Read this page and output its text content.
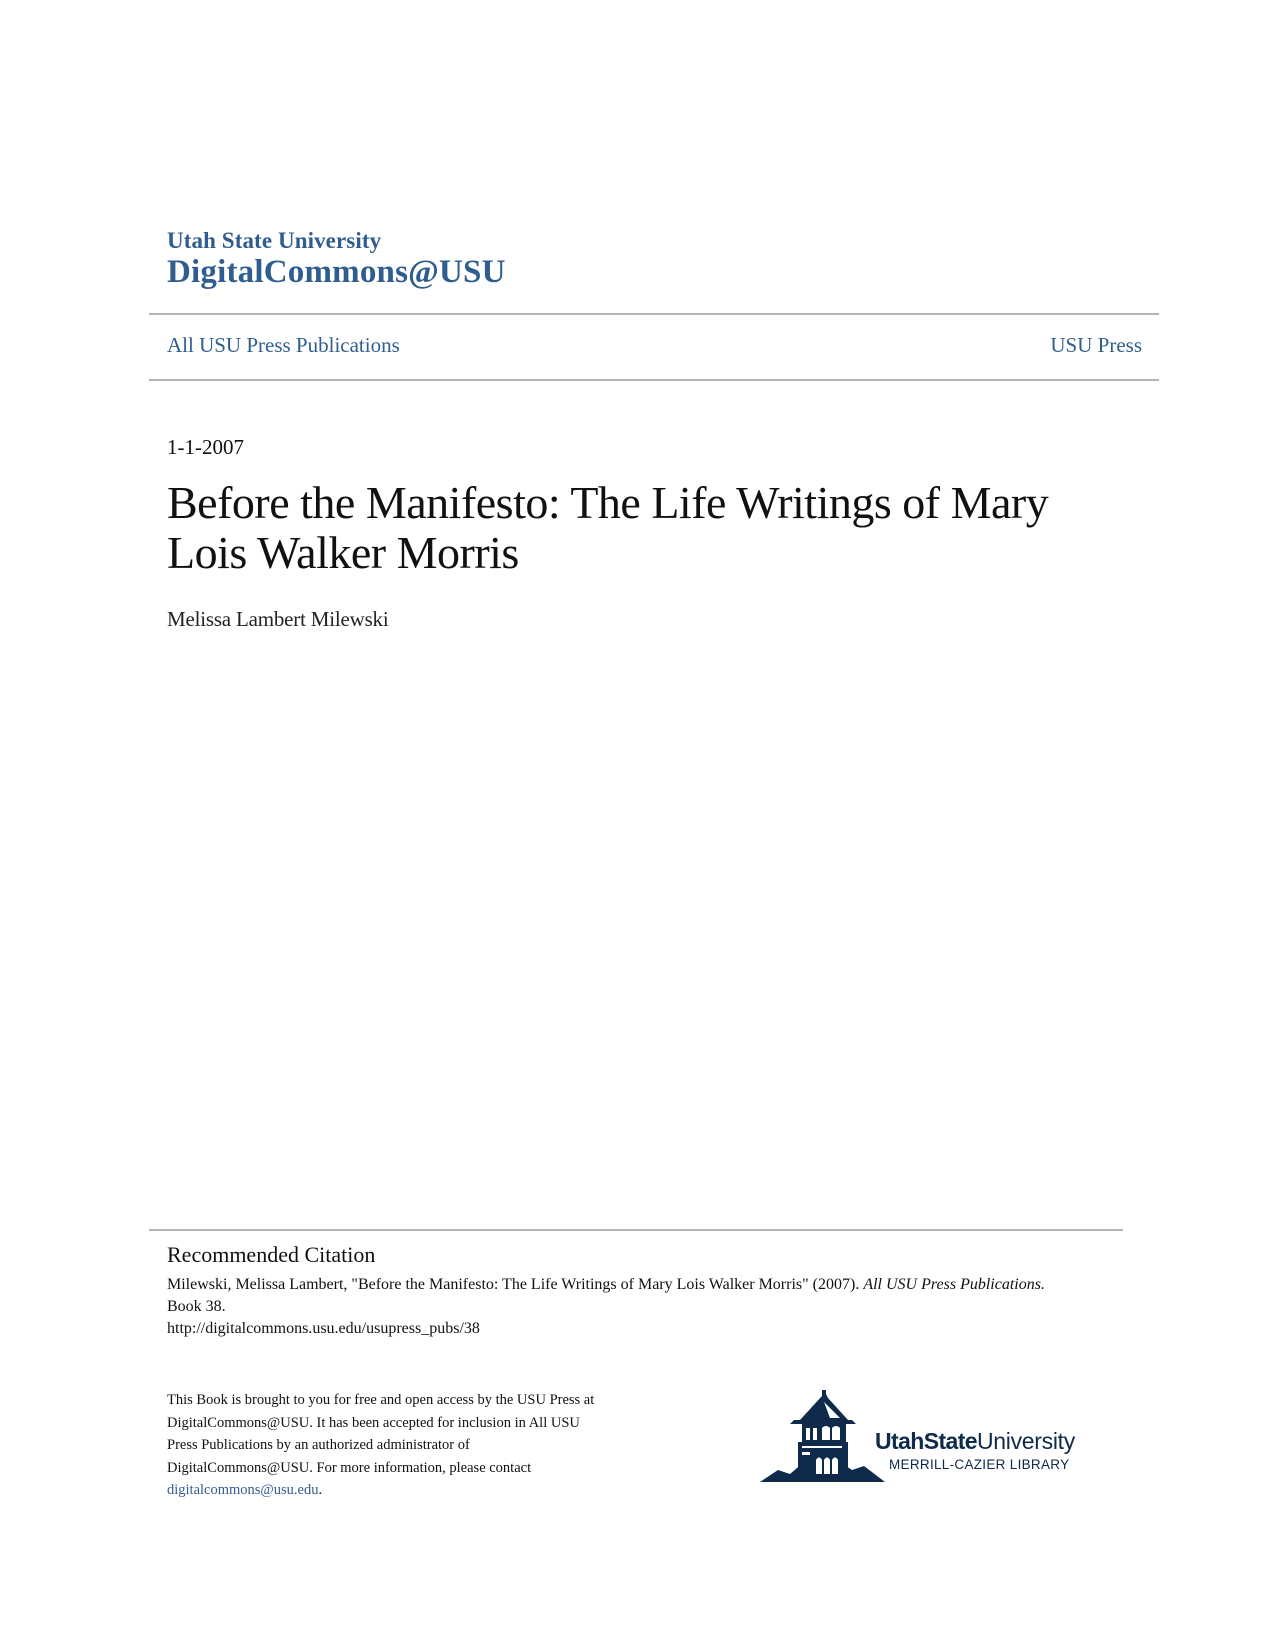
Utah State University
DigitalCommons@USU
All USU Press Publications	USU Press
1-1-2007
Before the Manifesto: The Life Writings of Mary Lois Walker Morris
Melissa Lambert Milewski
Recommended Citation
Milewski, Melissa Lambert, "Before the Manifesto: The Life Writings of Mary Lois Walker Morris" (2007). All USU Press Publications.
Book 38.
http://digitalcommons.usu.edu/usupress_pubs/38
This Book is brought to you for free and open access by the USU Press at
DigitalCommons@USU. It has been accepted for inclusion in All USU
Press Publications by an authorized administrator of
DigitalCommons@USU. For more information, please contact
digitalcommons@usu.edu.
UtahStateUniversity
MERRILL-CAZIER LIBRARY
